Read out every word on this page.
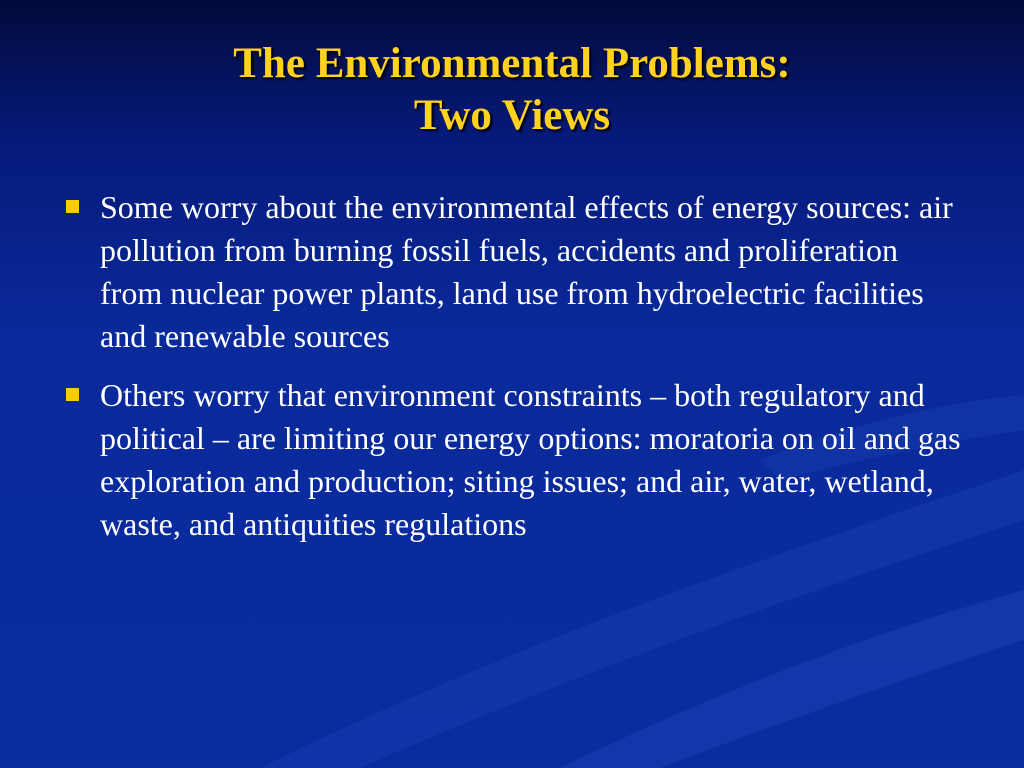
The Environmental Problems:
Two Views
Some worry about the environmental effects of energy sources: air pollution from burning fossil fuels, accidents and proliferation from nuclear power plants, land use from hydroelectric facilities and renewable sources
Others worry that environment constraints – both regulatory and political – are limiting our energy options: moratoria on oil and gas exploration and production; siting issues; and air, water, wetland, waste, and antiquities regulations
